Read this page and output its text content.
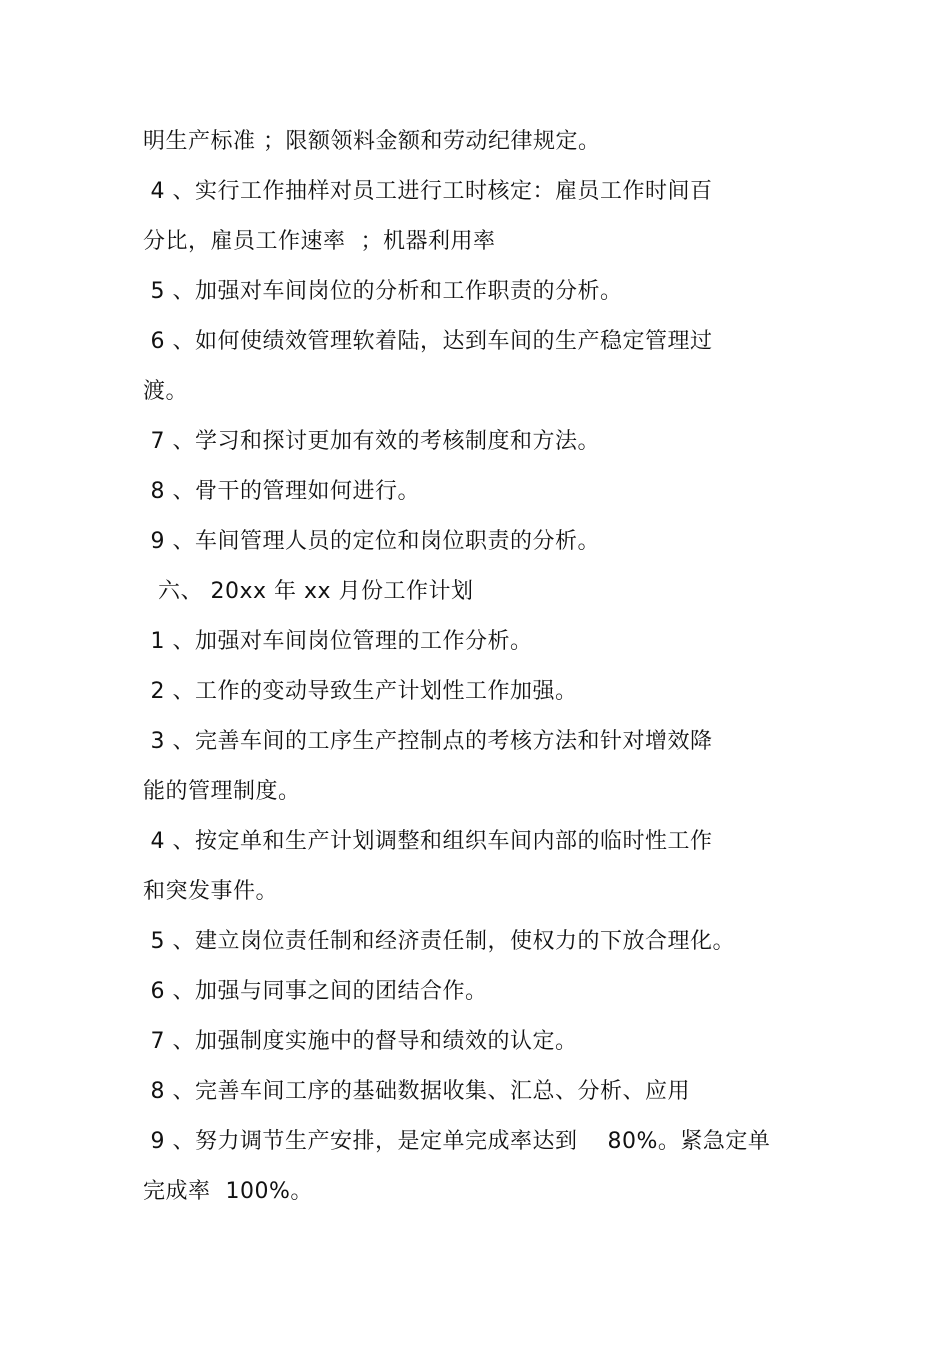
明生产标准 ；限额领料金额和劳动纪律规定。
4 、实行工作抽样对员工进行工时核定：雇员工作时间百
分比，雇员工作速率  ；机器利用率
5 、加强对车间岗位的分析和工作职责的分析。
6 、如何使绩效管理软着陆，达到车间的生产稳定管理过
渡。
7 、学习和探讨更加有效的考核制度和方法。
8 、骨干的管理如何进行。
9 、车间管理人员的定位和岗位职责的分析。
六、 20xx 年 xx 月份工作计划
1 、加强对车间岗位管理的工作分析。
2 、工作的变动导致生产计划性工作加强。
3 、完善车间的工序生产控制点的考核方法和针对增效降
能的管理制度。
4 、按定单和生产计划调整和组织车间内部的临时性工作
和突发事件。
5 、建立岗位责任制和经济责任制，使权力的下放合理化。
6 、加强与同事之间的团结合作。
7 、加强制度实施中的督导和绩效的认定。
8 、完善车间工序的基础数据收集、汇总、分析、应用
9 、努力调节生产安排，是定单完成率达到    80%。紧急定单
完成率  100%。
